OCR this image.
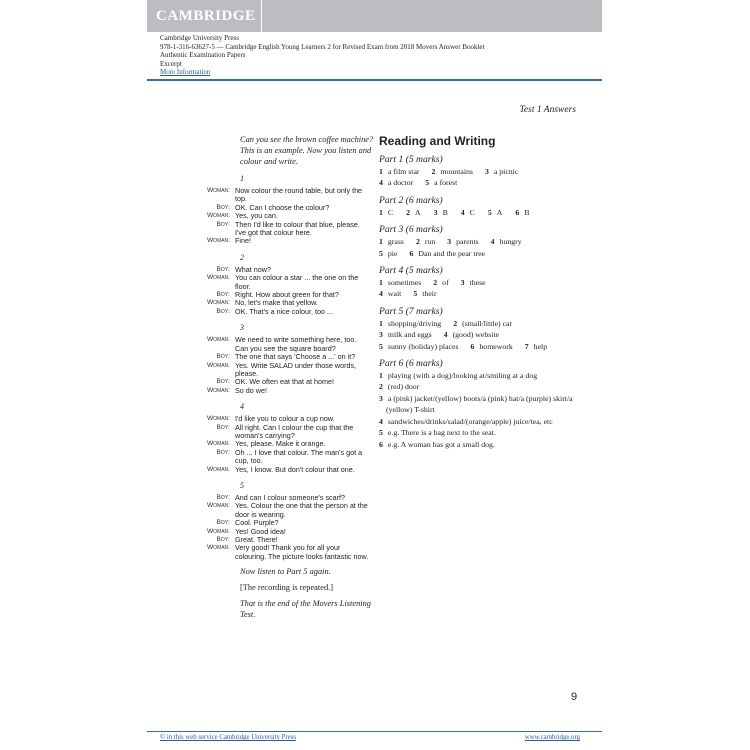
CAMBRIDGE
Cambridge University Press
978-1-316-63627-5 — Cambridge English Young Learners 2 for Revised Exam from 2018 Movers Answer Booklet
Authentic Examination Papers
Excerpt
More Information
Test 1 Answers
Can you see the brown coffee machine? This is an example. Now you listen and colour and write.
1
Woman: Now colour the round table, but only the top.
Boy: OK. Can I choose the colour?
Woman: Yes, you can.
Boy: Then I'd like to colour that blue, please. I've got that colour here.
Woman: Fine!
2
Boy: What now?
Woman: You can colour a star ... the one on the floor.
Boy: Right. How about green for that?
Woman: No, let's make that yellow.
Boy: OK. That's a nice colour, too ...
3
Woman: We need to write something here, too. Can you see the square board?
Boy: The one that says 'Choose a ...' on it?
Woman: Yes. Write SALAD under those words, please.
Boy: OK. We often eat that at home!
Woman: So do we!
4
Woman: I'd like you to colour a cup now.
Boy: All right. Can I colour the cup that the woman's carrying?
Woman: Yes, please. Make it orange.
Boy: Oh ... I love that colour. The man's got a cup, too.
Woman: Yes, I know. But don't colour that one.
5
Boy: And can I colour someone's scarf?
Woman: Yes. Colour the one that the person at the door is wearing.
Boy: Cool. Purple?
Woman: Yes! Good idea!
Boy: Great. There!
Woman: Very good! Thank you for all your colouring. The picture looks fantastic now.
Now listen to Part 5 again.
[The recording is repeated.]
That is the end of the Movers Listening Test.
Reading and Writing
Part 1 (5 marks)
1 a film star 2 mountains 3 a picnic
4 a doctor 5 a forest
Part 2 (6 marks)
1 C 2 A 3 B 4 C 5 A 6 B
Part 3 (6 marks)
1 grass 2 run 3 parents 4 hungry
5 pie 6 Dan and the pear tree
Part 4 (5 marks)
1 sometimes 2 of 3 these
4 wait 5 their
Part 5 (7 marks)
1 shopping/driving 2 (small/little) car
3 milk and eggs 4 (good) website
5 sunny (holiday) places 6 homework 7 help
Part 6 (6 marks)
1 playing (with a dog)/looking at/smiling at a dog
2 (red) door
3 a (pink) jacket/(yellow) boots/a (pink) hat/a (purple) skirt/a (yellow) T-shirt
4 sandwiches/drinks/salad/(orange/apple) juice/tea, etc
5 e.g. There is a bag next to the seat.
6 e.g. A woman has got a small dog.
9
© in this web service Cambridge University Press	www.cambridge.org
